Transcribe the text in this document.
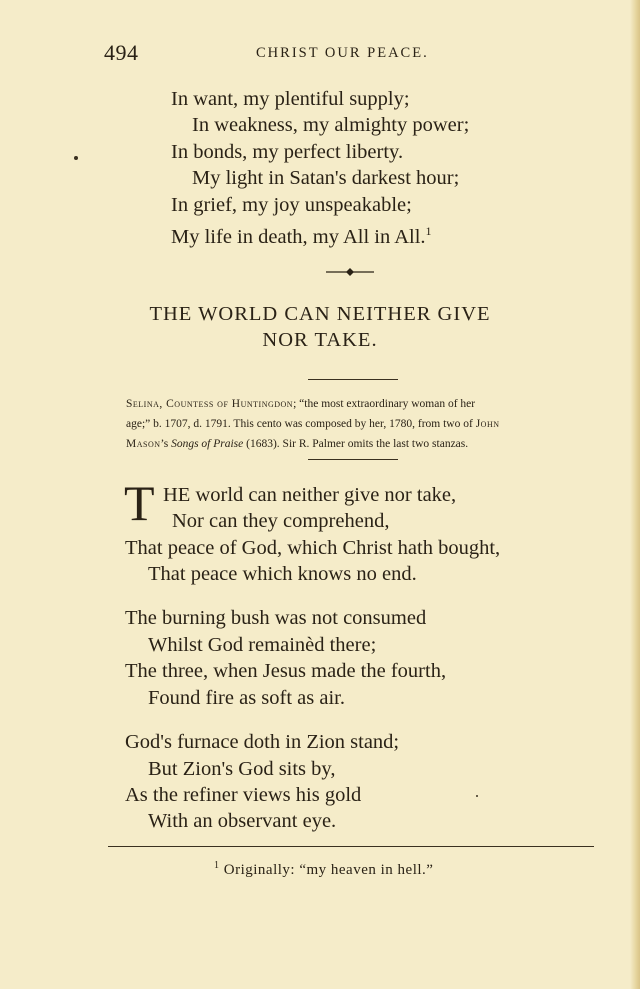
494	CHRIST OUR PEACE.
In want, my plentiful supply;
In weakness, my almighty power;
In bonds, my perfect liberty.
My light in Satan's darkest hour;
In grief, my joy unspeakable;
My life in death, my All in All.$^1$
THE WORLD CAN NEITHER GIVE
NOR TAKE.
Selina, Countess of Huntingdon; “the most extraordinary woman of her
age;” b. 1707, d. 1791. This cento was composed by her, 1780, from two of John
Mason’s Songs of Praise (1683). Sir R. Palmer omits the last two stanzas.
T HE world can neither give nor take,
Nor can they comprehend,
That peace of God, which Christ hath bought,
That peace which knows no end.
The burning bush was not consumed
Whilst God remainèd there;
The three, when Jesus made the fourth,
Found fire as soft as air.
God's furnace doth in Zion stand;
But Zion's God sits by,
As the refiner views his gold
With an observant eye.
$^1$ Originally: “my heaven in hell.”
